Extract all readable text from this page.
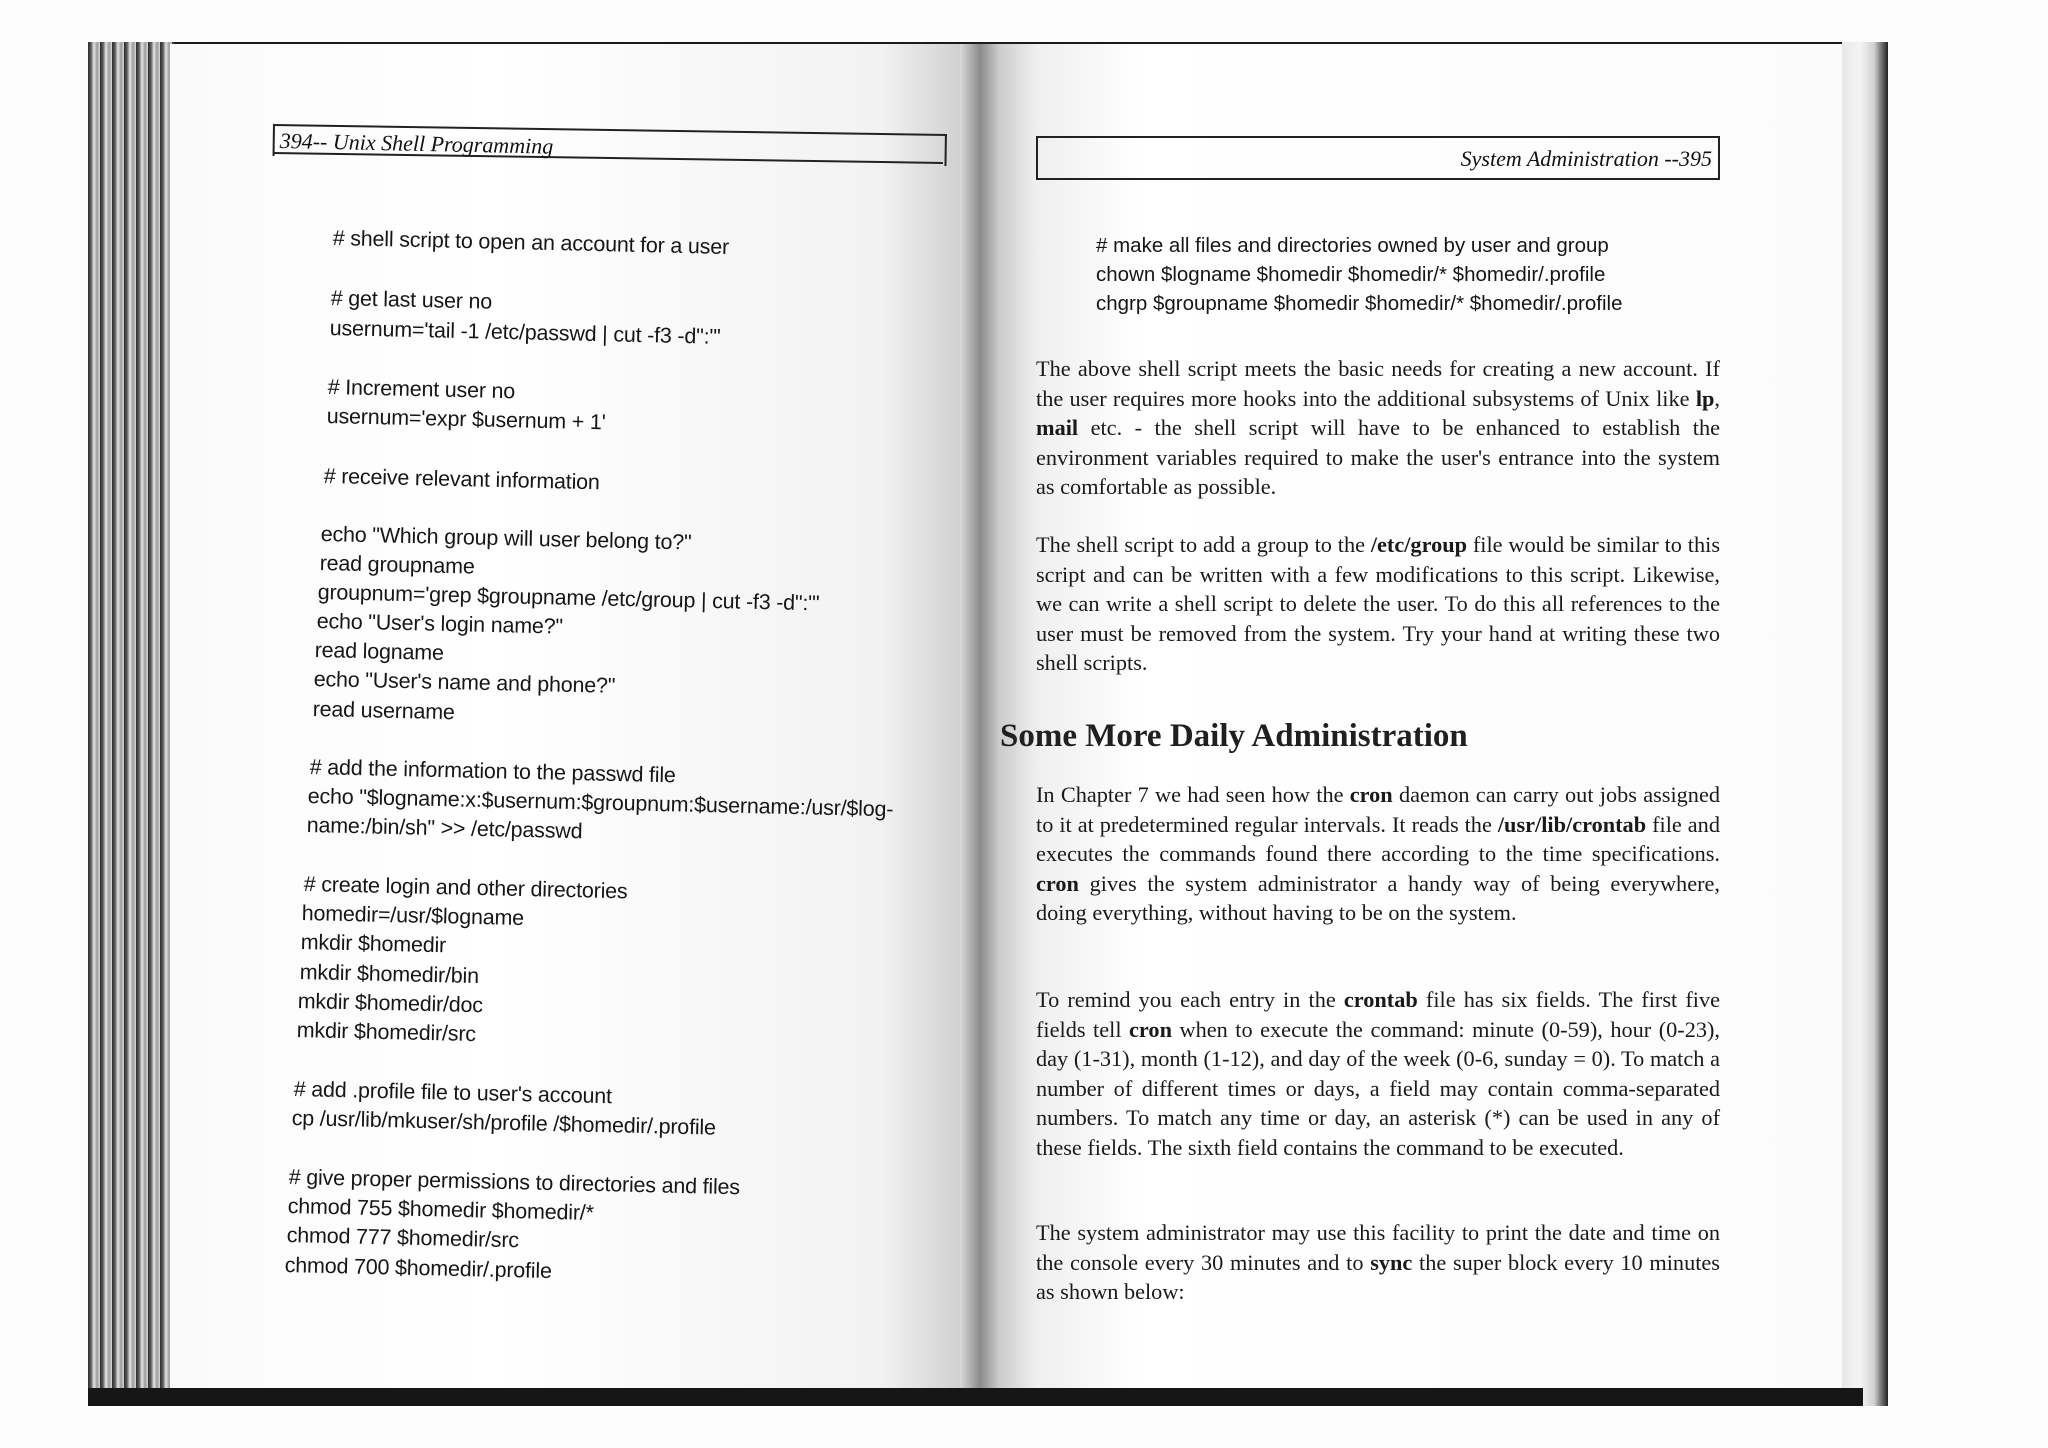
394-- Unix Shell Programming
# shell script to open an account for a user
# get last user no
usernum='tail -1 /etc/passwd | cut -f3 -d":"'
# Increment user no
usernum='expr $usernum + 1'
# receive relevant information
echo "Which group will user belong to?"
read groupname
groupnum='grep $groupname /etc/group | cut -f3 -d":"'
echo "User's login name?"
read logname
echo "User's name and phone?"
read username
# add the information to the passwd file
echo "$logname:x:$usernum:$groupnum:$username:/usr/$log-
name:/bin/sh" >> /etc/passwd
# create login and other directories
homedir=/usr/$logname
mkdir $homedir
mkdir $homedir/bin
mkdir $homedir/doc
mkdir $homedir/src
# add .profile file to user's account
cp /usr/lib/mkuser/sh/profile /$homedir/.profile
# give proper permissions to directories and files
chmod 755 $homedir $homedir/*
chmod 777 $homedir/src
chmod 700 $homedir/.profile
System Administration --395
# make all files and directories owned by user and group
chown $logname $homedir $homedir/* $homedir/.profile
chgrp $groupname $homedir $homedir/* $homedir/.profile
The above shell script meets the basic needs for creating a new account. If the user requires more hooks into the additional subsystems of Unix like lp, mail etc. - the shell script will have to be enhanced to establish the environment variables required to make the user's entrance into the system as comfortable as possible.
The shell script to add a group to the /etc/group file would be similar to this script and can be written with a few modifications to this script. Likewise, we can write a shell script to delete the user. To do this all references to the user must be removed from the system. Try your hand at writing these two shell scripts.
Some More Daily Administration
In Chapter 7 we had seen how the cron daemon can carry out jobs assigned to it at predetermined regular intervals. It reads the /usr/lib/crontab file and executes the commands found there according to the time specifications. cron gives the system administrator a handy way of being everywhere, doing everything, without having to be on the system.
To remind you each entry in the crontab file has six fields. The first five fields tell cron when to execute the command: minute (0-59), hour (0-23), day (1-31), month (1-12), and day of the week (0-6, sunday = 0). To match a number of different times or days, a field may contain comma-separated numbers. To match any time or day, an asterisk (*) can be used in any of these fields. The sixth field contains the command to be executed.
The system administrator may use this facility to print the date and time on the console every 30 minutes and to sync the super block every 10 minutes as shown below:
